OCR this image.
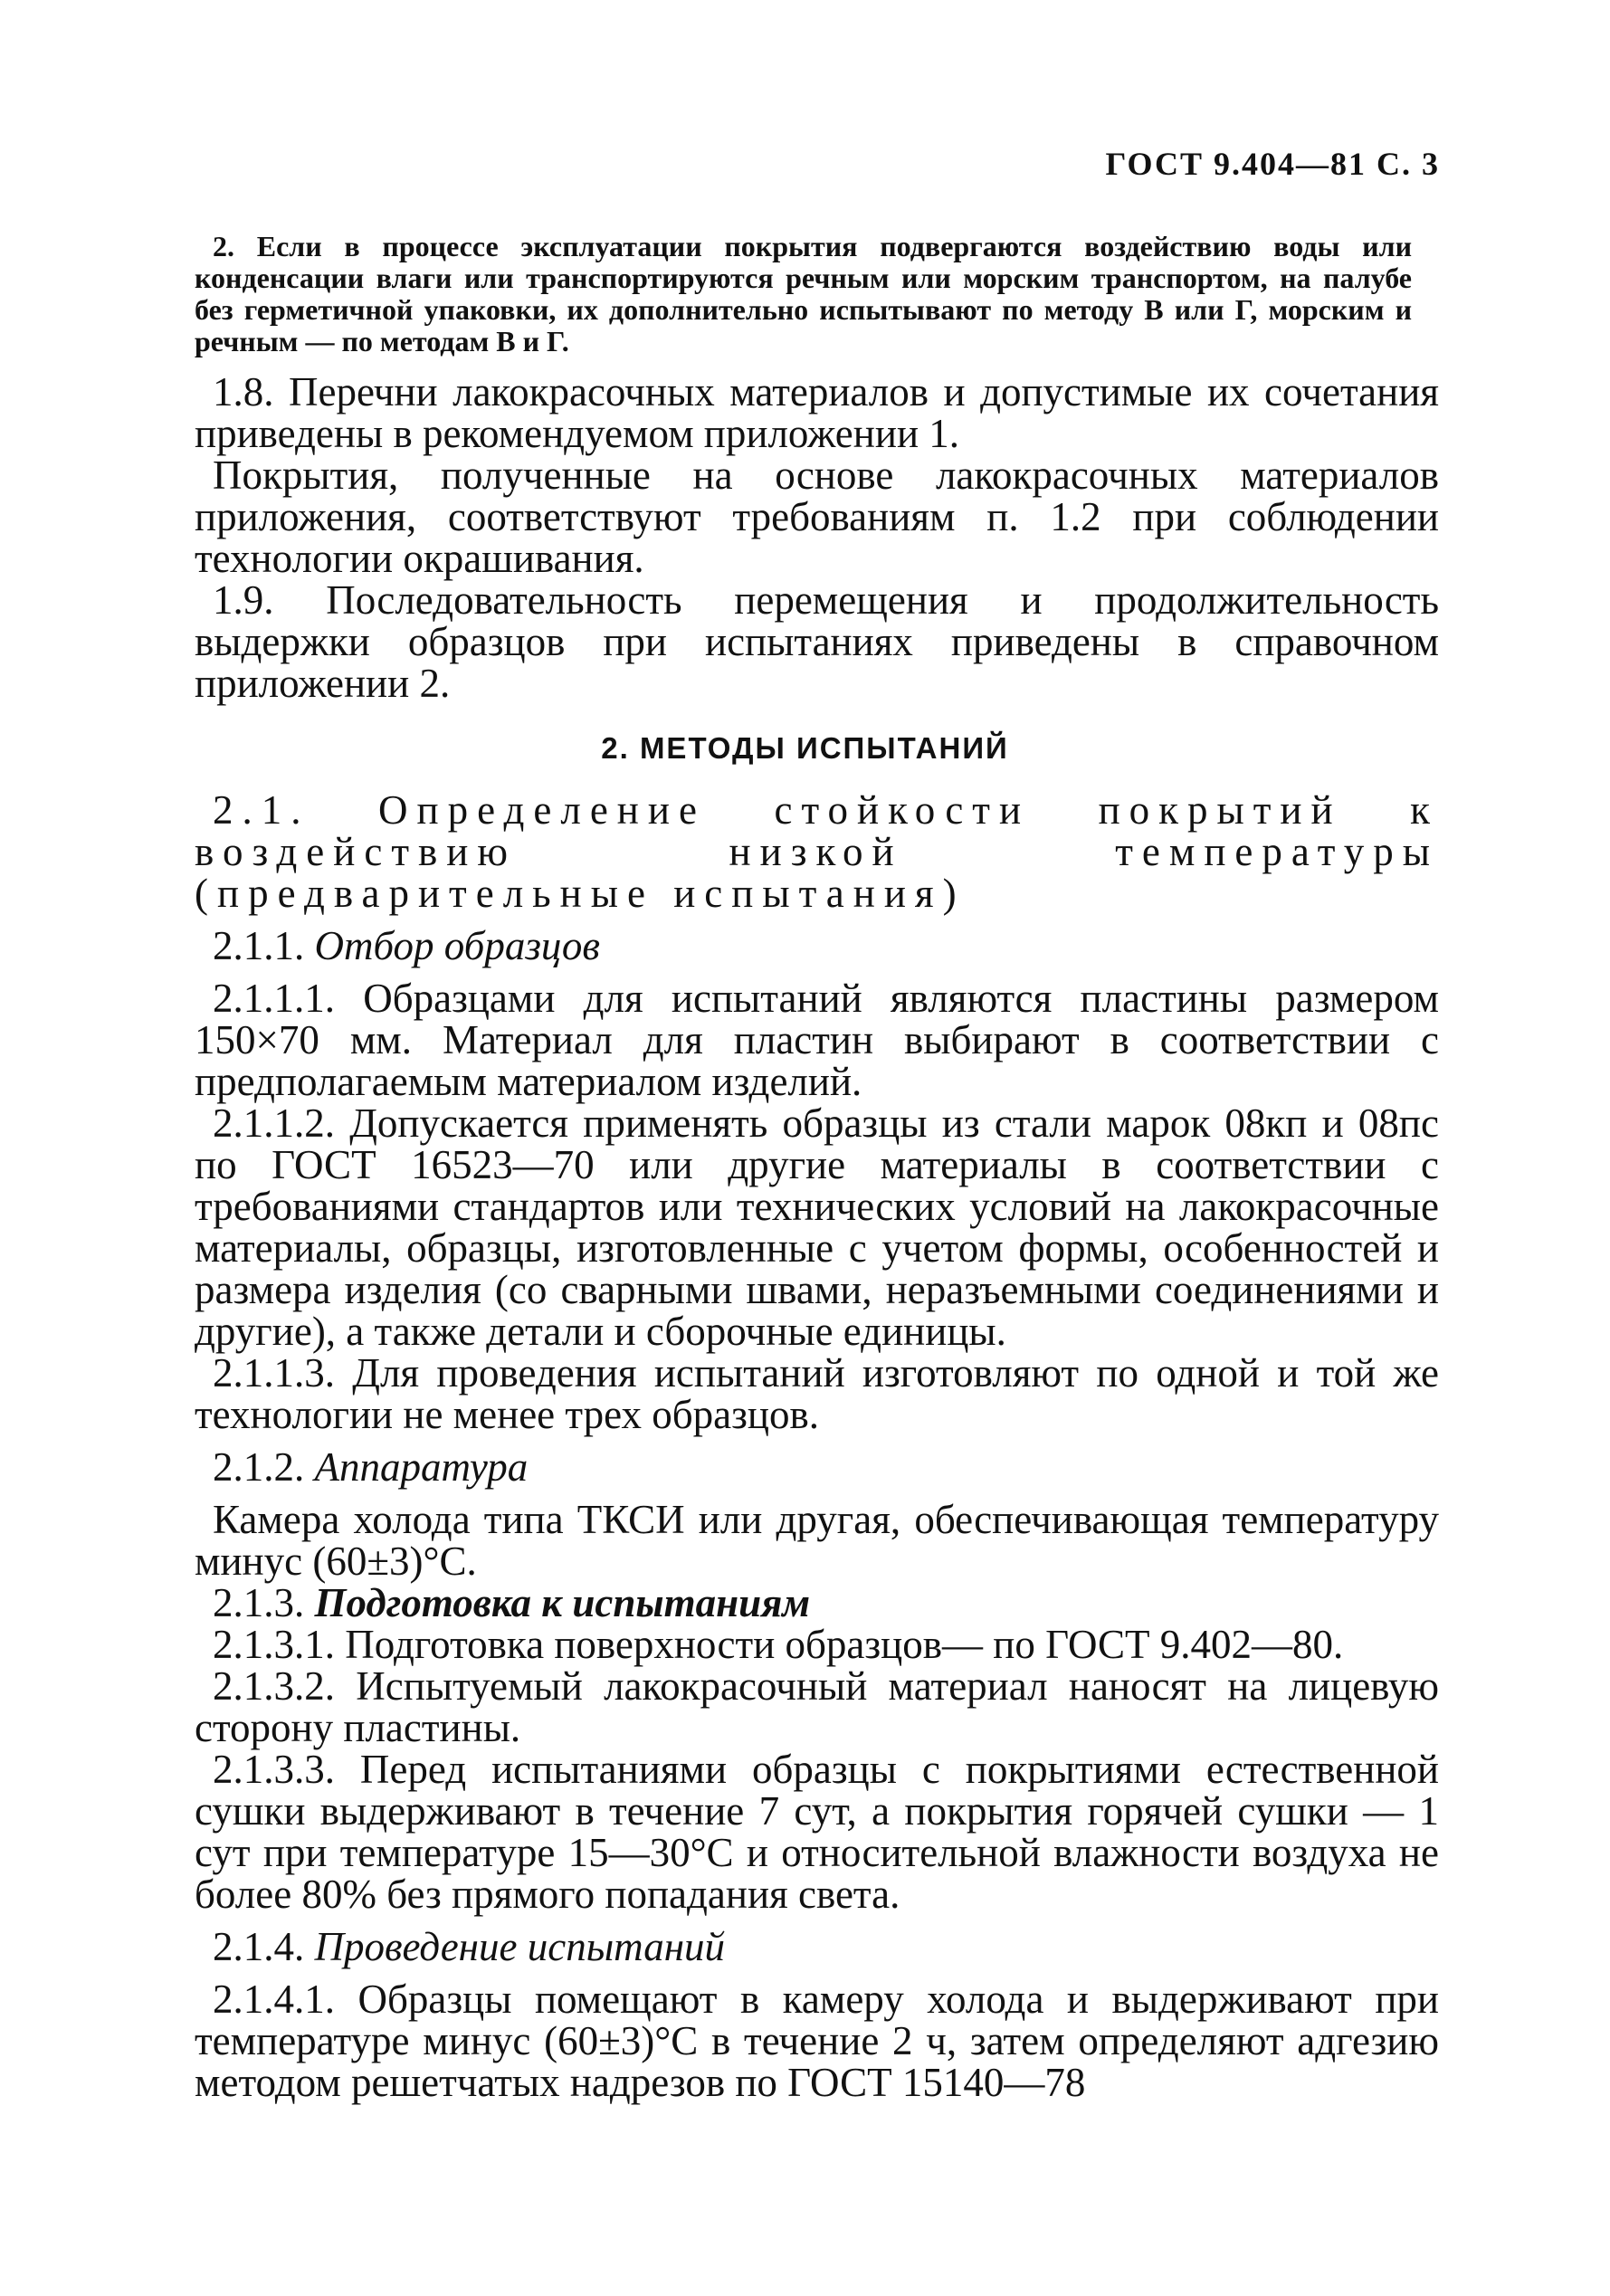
ГОСТ 9.404—81 С. 3

2. Если в процессе эксплуатации покрытия подвергаются воздействию воды или конденсации влаги или транспортируются речным или морским транспортом, на палубе без герметичной упаковки, их дополнительно испытывают по методу В или Г, морским и речным — по методам В и Г.

1.8. Перечни лакокрасочных материалов и допустимые их сочетания приведены в рекомендуемом приложении 1.

Покрытия, полученные на основе лакокрасочных материалов приложения, соответствуют требованиям п. 1.2 при соблюдении технологии окрашивания.

1.9. Последовательность перемещения и продолжительность выдержки образцов при испытаниях приведены в справочном приложении 2.

2. МЕТОДЫ ИСПЫТАНИЙ

2.1. Определение стойкости покрытий к воздействию низкой температуры (предварительные испытания)

2.1.1. Отбор образцов

2.1.1.1. Образцами для испытаний являются пластины размером 150×70 мм. Материал для пластин выбирают в соответствии с предполагаемым материалом изделий.

2.1.1.2. Допускается применять образцы из стали марок 08кп и 08пс по ГОСТ 16523—70 или другие материалы в соответствии с требованиями стандартов или технических условий на лакокрасочные материалы, образцы, изготовленные с учетом формы, особенностей и размера изделия (со сварными швами, неразъемными соединениями и другие), а также детали и сборочные единицы.

2.1.1.3. Для проведения испытаний изготовляют по одной и той же технологии не менее трех образцов.

2.1.2. Аппаратура

Камера холода типа ТКСИ или другая, обеспечивающая температуру минус (60±3)°С.

2.1.3. Подготовка к испытаниям

2.1.3.1. Подготовка поверхности образцов— по ГОСТ 9.402—80.

2.1.3.2. Испытуемый лакокрасочный материал наносят на лицевую сторону пластины.

2.1.3.3. Перед испытаниями образцы с покрытиями естественной сушки выдерживают в течение 7 сут, а покрытия горячей сушки — 1 сут при температуре 15—30°С и относительной влажности воздуха не более 80% без прямого попадания света.

2.1.4. Проведение испытаний

2.1.4.1. Образцы помещают в камеру холода и выдерживают при температуре минус (60±3)°С в течение 2 ч, затем определяют адгезию методом решетчатых надрезов по ГОСТ 15140—78
